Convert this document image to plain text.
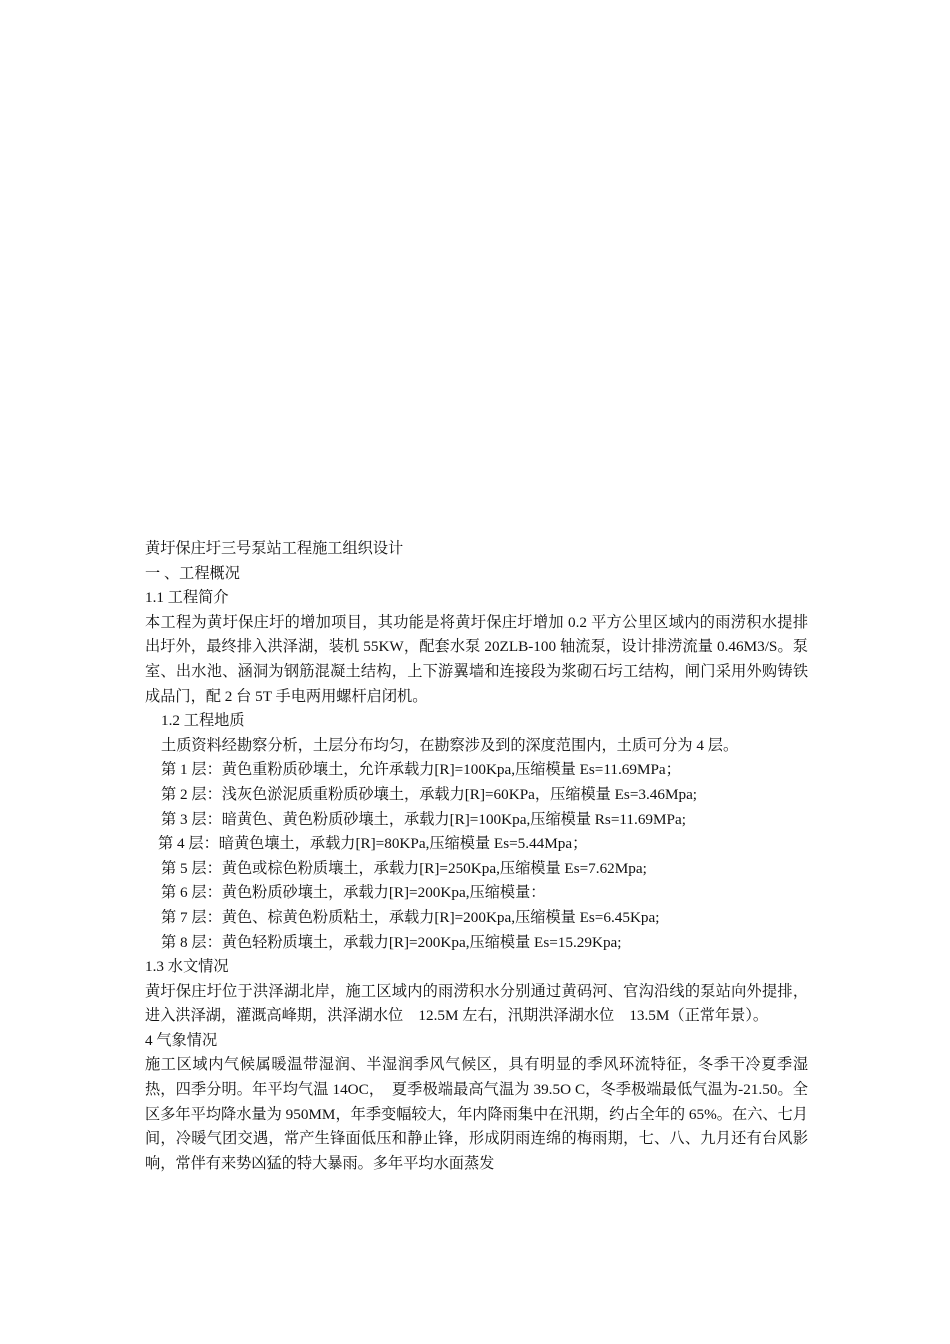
黄圩保庄圩三号泵站工程施工组织设计
一 、工程概况
1.1 工程简介
本工程为黄圩保庄圩的增加项目，其功能是将黄圩保庄圩增加 0.2 平方公里区域内的雨涝积水提排出圩外，最终排入洪泽湖，装机 55KW，配套水泵 20ZLB-100 轴流泵，设计排涝流量 0.46M3/S。泵室、出水池、涵洞为钢筋混凝土结构，上下游翼墙和连接段为浆砌石圬工结构，闸门采用外购铸铁成品门，配 2 台 5T 手电两用螺杆启闭机。
1.2 工程地质
土质资料经勘察分析，土层分布均匀，在勘察涉及到的深度范围内，土质可分为 4 层。
第 1 层：黄色重粉质砂壤土，允许承载力[R]=100Kpa,压缩模量 Es=11.69MPa；
第 2 层：浅灰色淤泥质重粉质砂壤土，承载力[R]=60KPa，压缩模量 Es=3.46Mpa;
第 3 层：暗黄色、黄色粉质砂壤土，承载力[R]=100Kpa,压缩模量 Rs=11.69MPa;
第 4 层：暗黄色壤土，承载力[R]=80KPa,压缩模量 Es=5.44Mpa；
第 5 层：黄色或棕色粉质壤土，承载力[R]=250Kpa,压缩模量 Es=7.62Mpa;
第 6 层：黄色粉质砂壤土，承载力[R]=200Kpa,压缩模量：
第 7 层：黄色、棕黄色粉质粘土，承载力[R]=200Kpa,压缩模量 Es=6.45Kpa;
第 8 层：黄色轻粉质壤土，承载力[R]=200Kpa,压缩模量 Es=15.29Kpa;
1.3 水文情况
黄圩保庄圩位于洪泽湖北岸，施工区域内的雨涝积水分别通过黄码河、官沟沿线的泵站向外提排，进入洪泽湖，灌溉高峰期，洪泽湖水位　12.5M 左右，汛期洪泽湖水位　13.5M（正常年景）。
4 气象情况
施工区域内气候属暖温带湿润、半湿润季风气候区，具有明显的季风环流特征，冬季干冷夏季湿热，四季分明。年平均气温 14OC，　夏季极端最高气温为 39.5O C，冬季极端最低气温为-21.50。全区多年平均降水量为 950MM，年季变幅较大，年内降雨集中在汛期，约占全年的 65%。在六、七月间，冷暖气团交遇，常产生锋面低压和静止锋，形成阴雨连绵的梅雨期，七、八、九月还有台风影响，常伴有来势凶猛的特大暴雨。多年平均水面蒸发
